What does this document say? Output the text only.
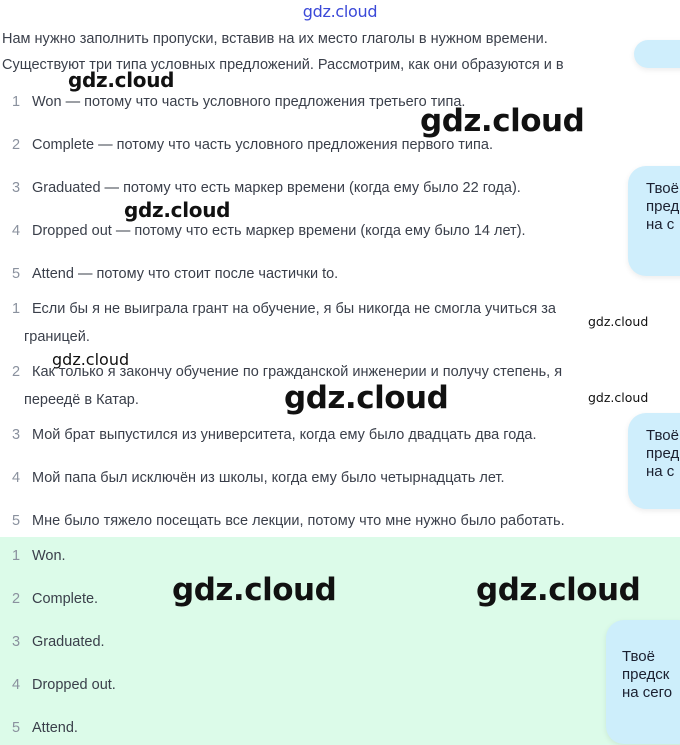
gdz.cloud
Нам нужно заполнить пропуски, вставив на их место глаголы в нужном времени.
Существуют три типа условных предложений. Рассмотрим, как они образуются и в
1 Won — потому что часть условного предложения третьего типа.
2 Complete — потому что часть условного предложения первого типа.
3 Graduated — потому что есть маркер времени (когда ему было 22 года).
4 Dropped out — потому что есть маркер времени (когда ему было 14 лет).
5 Attend — потому что стоит после частички to.
1 Если бы я не выиграла грант на обучение, я бы никогда не смогла учиться за
границей.
2 Как только я закончу обучение по гражданской инженерии и получу степень, я
переедё в Катар.
3 Мой брат выпустился из университета, когда ему было двадцать два года.
4 Мой папа был исключён из школы, когда ему было четырнадцать лет.
5 Мне было тяжело посещать все лекции, потому что мне нужно было работать.
1 Won.
2 Complete.
3 Graduated.
4 Dropped out.
5 Attend.
Твоё
пред
на с
Твоё
пред
на с
Твоё
предск
на сего
gdz.cloud
gdz.cloud
gdz.cloud
gdz.cloud
gdz.cloud
gdz.cloud	gdz.cloud
gdz.cloud	gdz.cloud
